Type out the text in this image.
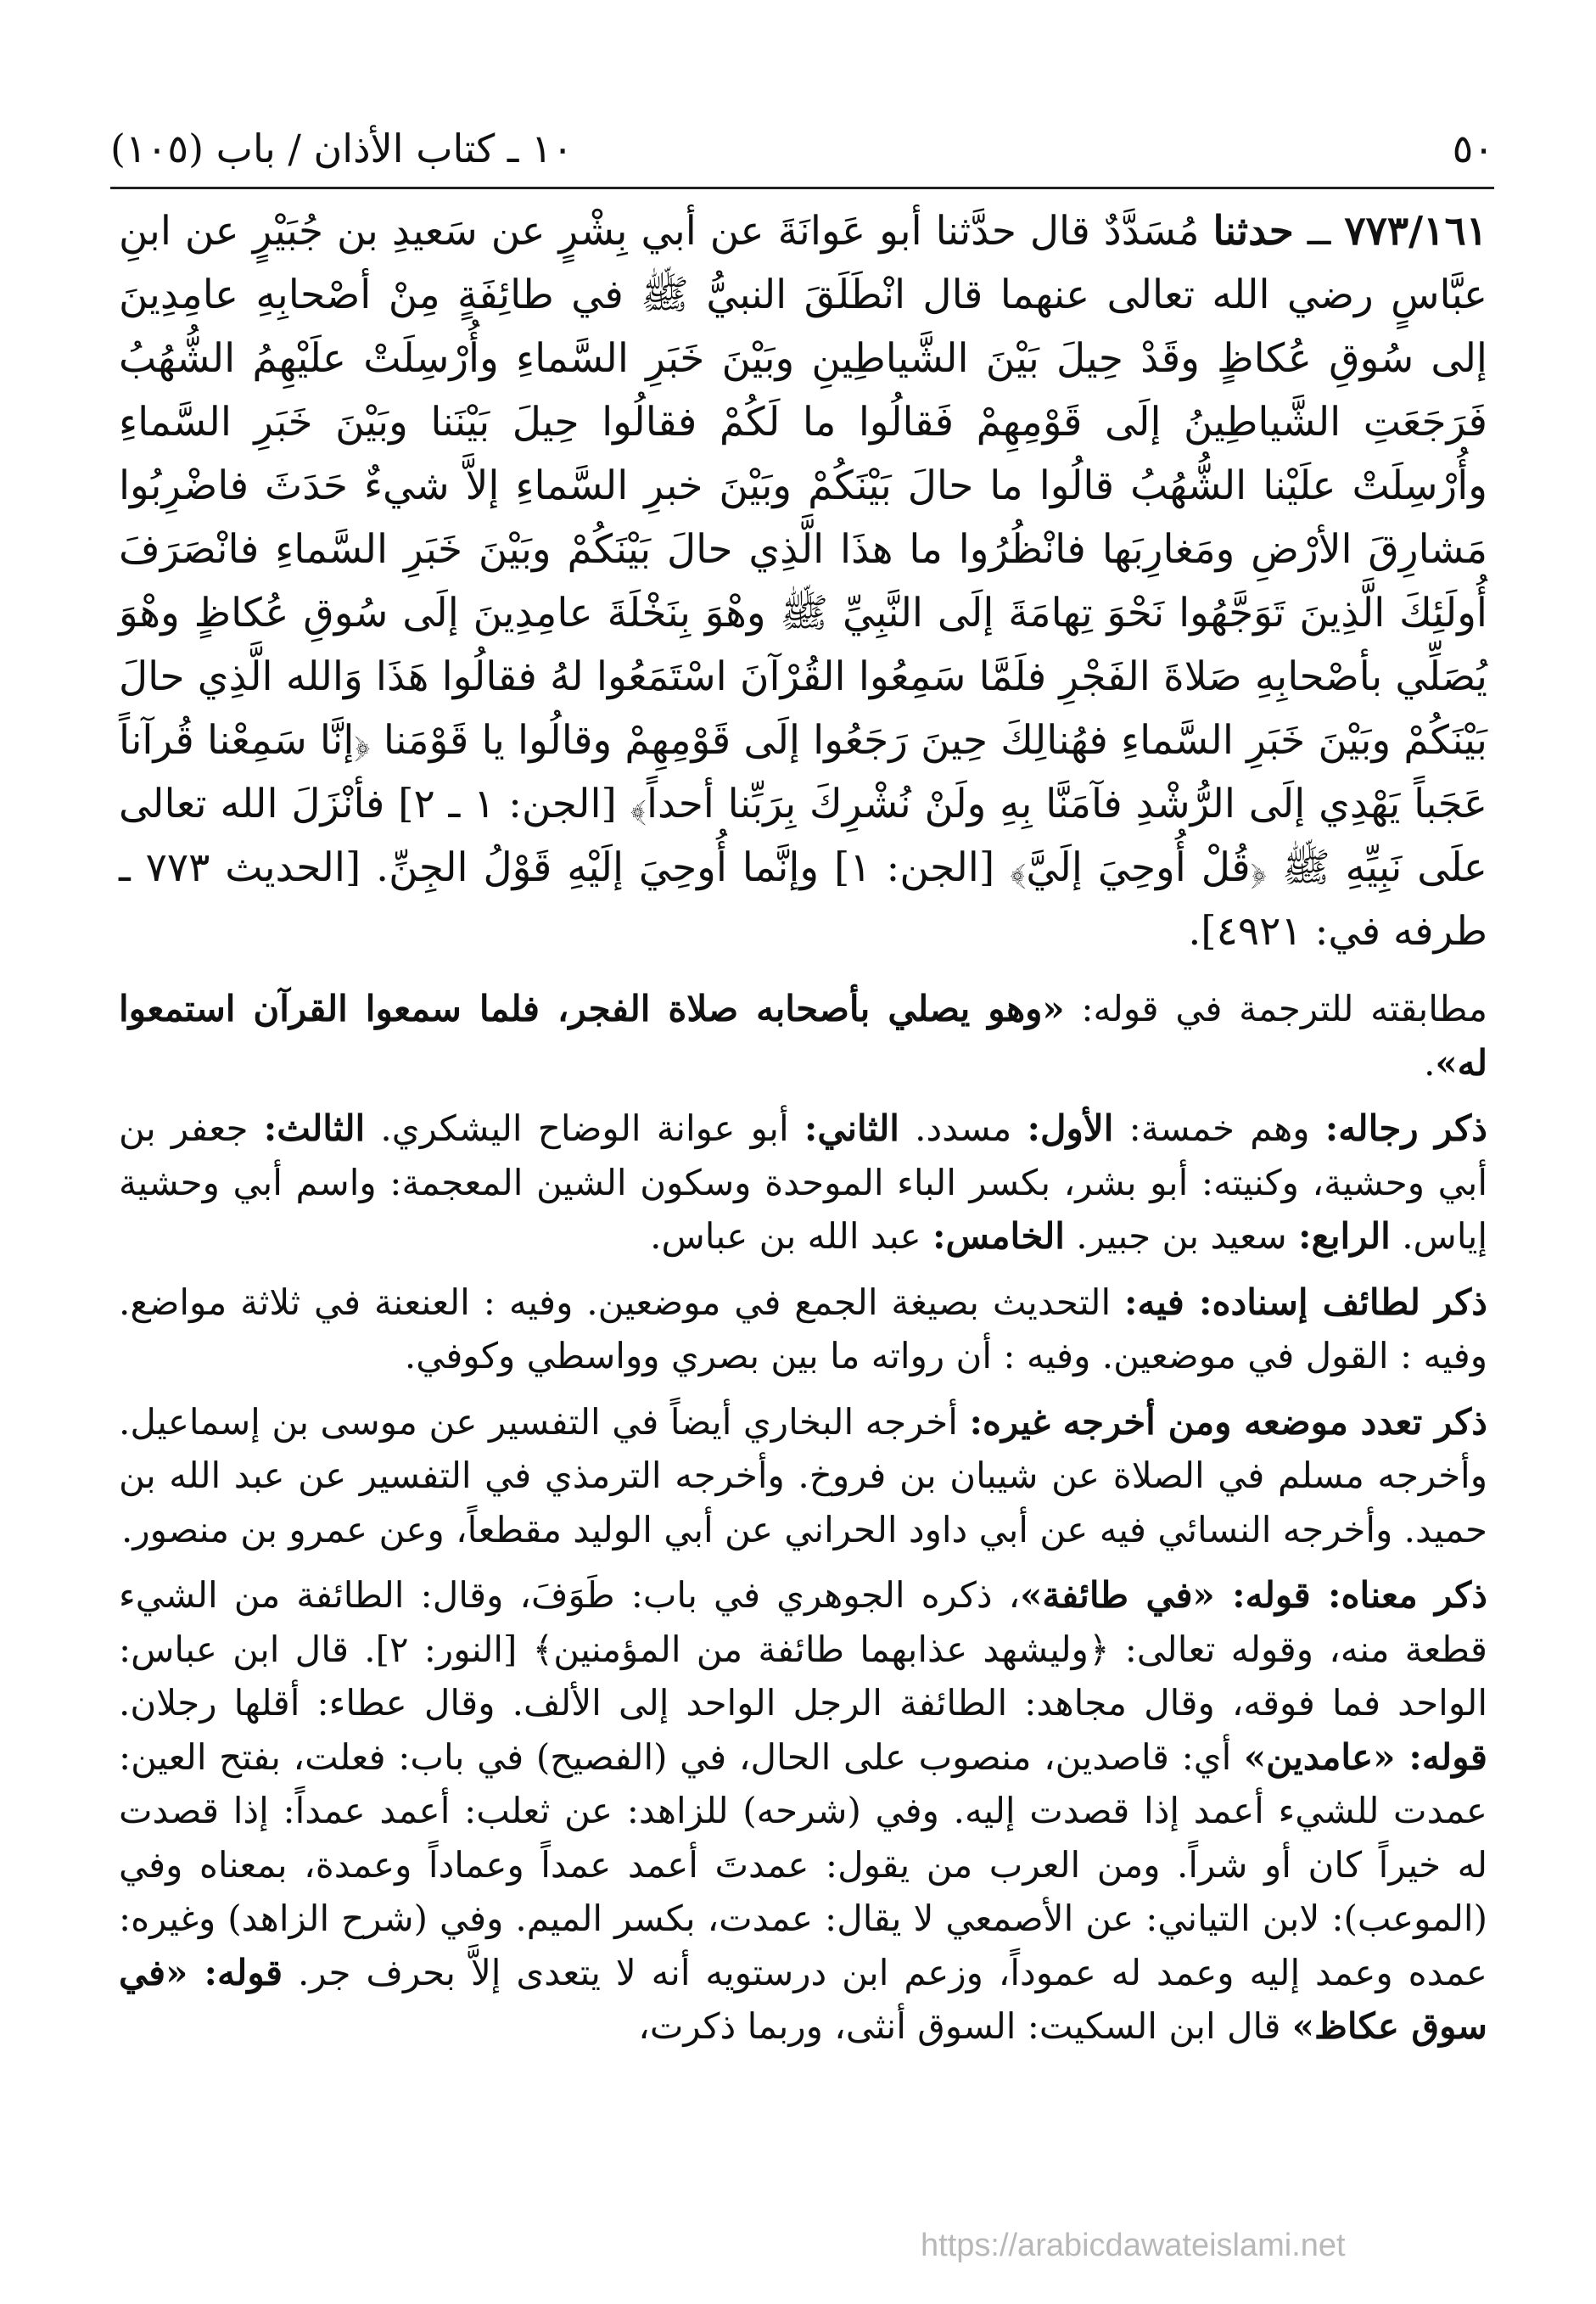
٥٠
١٠ ـ كتاب الأذان / باب (١٠٥)

٧٧٣/١٦١ ــ حدثنا مُسَدَّدٌ قال حدَّثنا أبو عَوانَةَ عن أبي بِشْرٍ عن سَعيدِ بن جُبَيْرٍ عن ابنِ عبَّاسٍ رضي الله تعالى عنهما قال انْطَلَقَ النبيُّ ﷺ في طائِفَةٍ مِنْ أصْحابِهِ عامِدِينَ إلى سُوقِ عُكاظٍ وقَدْ حِيلَ بَيْنَ الشَّياطِينِ وبَيْنَ خَبَرِ السَّماءِ وأُرْسِلَتْ علَيْهِمُ الشُّهُبُ فَرَجَعَتِ الشَّياطِينُ إلَى قَوْمِهِمْ فَقالُوا ما لَكُمْ فقالُوا حِيلَ بَيْنَنا وبَيْنَ خَبَرِ السَّماءِ وأُرْسِلَتْ علَيْنا الشُّهُبُ قالُوا ما حالَ بَيْنَكُمْ وبَيْنَ خبرِ السَّماءِ إلاَّ شيءٌ حَدَثَ فاضْرِبُوا مَشارِقَ الأرْضِ ومَغارِبَها فانْظُرُوا ما هذَا الَّذِي حالَ بَيْنَكُمْ وبَيْنَ خَبَرِ السَّماءِ فانْصَرَفَ أُولَئِكَ الَّذِينَ تَوَجَّهُوا نَحْوَ تِهامَةَ إلَى النَّبِيِّ ﷺ وهْوَ بِنَخْلَةَ عامِدِينَ إلَى سُوقِ عُكاظٍ وهْوَ يُصَلِّي بأصْحابِهِ صَلاةَ الفَجْرِ فلَمَّا سَمِعُوا القُرْآنَ اسْتَمَعُوا لهُ فقالُوا هَذَا وَالله الَّذِي حالَ بَيْنَكُمْ وبَيْنَ خَبَرِ السَّماءِ فهُنالِكَ حِينَ رَجَعُوا إلَى قَوْمِهِمْ وقالُوا يا قَوْمَنا ﴿إنَّا سَمِعْنا قُرآناً عَجَباً يَهْدِي إلَى الرُّشْدِ فآمَنَّا بِهِ ولَنْ نُشْرِكَ بِرَبِّنا أحداً﴾ [الجن: ١ ـ ٢] فأنْزَلَ الله تعالى علَى نَبِيِّهِ ﷺ ﴿قُلْ أُوحِيَ إلَيَّ﴾ [الجن: ١] وإنَّما أُوحِيَ إلَيْهِ قَوْلُ الجِنِّ. [الحديث ٧٧٣ ـ طرفه في: ٤٩٢١].

مطابقته للترجمة في قوله: «وهو يصلي بأصحابه صلاة الفجر، فلما سمعوا القرآن استمعوا له».

ذكر رجاله: وهم خمسة: الأول: مسدد. الثاني: أبو عوانة الوضاح اليشكري. الثالث: جعفر بن أبي وحشية، وكنيته: أبو بشر، بكسر الباء الموحدة وسكون الشين المعجمة: واسم أبي وحشية إياس. الرابع: سعيد بن جبير. الخامس: عبد الله بن عباس.

ذكر لطائف إسناده: فيه: التحديث بصيغة الجمع في موضعين. وفيه : العنعنة في ثلاثة مواضع. وفيه : القول في موضعين. وفيه : أن رواته ما بين بصري وواسطي وكوفي.

ذكر تعدد موضعه ومن أخرجه غيره: أخرجه البخاري أيضاً في التفسير عن موسى بن إسماعيل. وأخرجه مسلم في الصلاة عن شيبان بن فروخ. وأخرجه الترمذي في التفسير عن عبد الله بن حميد. وأخرجه النسائي فيه عن أبي داود الحراني عن أبي الوليد مقطعاً، وعن عمرو بن منصور.

ذكر معناه: قوله: «في طائفة»، ذكره الجوهري في باب: طَوَفَ، وقال: الطائفة من الشيء قطعة منه، وقوله تعالى: ﴿وليشهد عذابهما طائفة من المؤمنين﴾ [النور: ٢]. قال ابن عباس: الواحد فما فوقه، وقال مجاهد: الطائفة الرجل الواحد إلى الألف. وقال عطاء: أقلها رجلان. قوله: «عامدين» أي: قاصدين، منصوب على الحال، في (الفصيح) في باب: فعلت، بفتح العين: عمدت للشيء أعمد إذا قصدت إليه. وفي (شرحه) للزاهد: عن ثعلب: أعمد عمداً: إذا قصدت له خيراً كان أو شراً. ومن العرب من يقول: عمدتَ أعمد عمداً وعماداً وعمدة، بمعناه وفي (الموعب): لابن التياني: عن الأصمعي لا يقال: عمدت، بكسر الميم. وفي (شرح الزاهد) وغيره: عمده وعمد إليه وعمد له عموداً، وزعم ابن درستويه أنه لا يتعدى إلاَّ بحرف جر. قوله: «في سوق عكاظ» قال ابن السكيت: السوق أنثى، وربما ذكرت،

https://arabicdawateislami.net
